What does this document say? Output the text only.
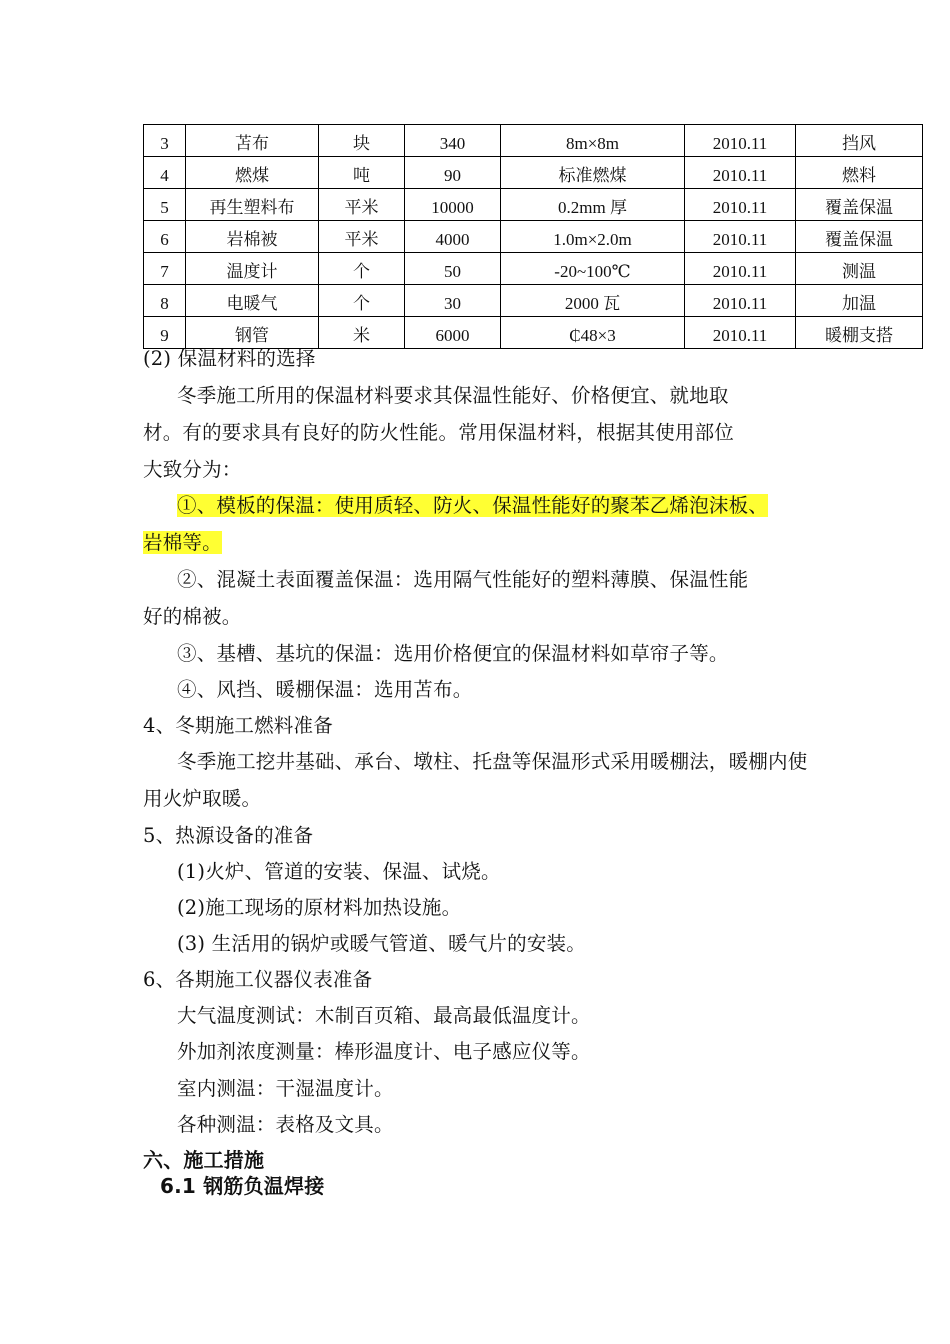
3	苫布	块	340	8m×8m	2010.11	挡风
4	燃煤	吨	90	标准燃煤	2010.11	燃料
5	再生塑料布	平米	10000	0.2mm 厚	2010.11	覆盖保温
6	岩棉被	平米	4000	1.0m×2.0m	2010.11	覆盖保温
7	温度计	个	50	-20~100℃	2010.11	测温
8	电暖气	个	30	2000 瓦	2010.11	加温
9	钢管	米	6000	₵48×3	2010.11	暖棚支搭
(2) 保温材料的选择
冬季施工所用的保温材料要求其保温性能好、价格便宜、就地取
材。有的要求具有良好的防火性能。常用保温材料，根据其使用部位
大致分为：
①、模板的保温：使用质轻、防火、保温性能好的聚苯乙烯泡沫板、
岩棉等。
②、混凝土表面覆盖保温：选用隔气性能好的塑料薄膜、保温性能
好的棉被。
③、基槽、基坑的保温：选用价格便宜的保温材料如草帘子等。
④、风挡、暖棚保温：选用苫布。
4、冬期施工燃料准备
冬季施工挖井基础、承台、墩柱、托盘等保温形式采用暖棚法，暖棚内使
用火炉取暖。
5、热源设备的准备
(1)火炉、管道的安装、保温、试烧。
(2)施工现场的原材料加热设施。
(3) 生活用的锅炉或暖气管道、暖气片的安装。
6、各期施工仪器仪表准备
大气温度测试：木制百页箱、最高最低温度计。
外加剂浓度测量：棒形温度计、电子感应仪等。
室内测温：干湿温度计。
各种测温：表格及文具。
六、施工措施
6.1 钢筋负温焊接
